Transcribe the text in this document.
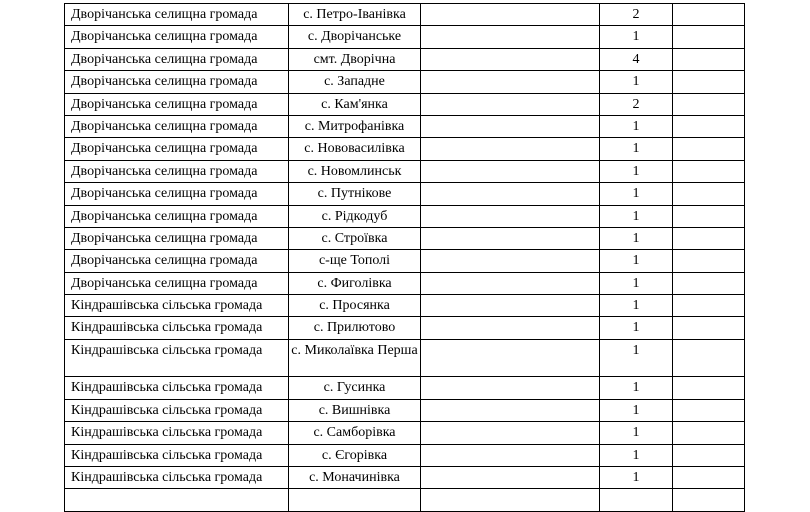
Дворічанська селищна громада	с. Петро-Іванівка		2	

Дворічанська селищна громада	с. Дворічанське		1	

Дворічанська селищна громада	смт. Дворічна		4	

Дворічанська селищна громада	с. Западне		1	

Дворічанська селищна громада	с. Кам'янка		2	

Дворічанська селищна громада	с. Митрофанівка		1	

Дворічанська селищна громада	с. Нововасилівка		1	

Дворічанська селищна громада	с. Новомлинськ		1	

Дворічанська селищна громада	с. Путнікове		1	

Дворічанська селищна громада	с. Рідкодуб		1	

Дворічанська селищна громада	с. Строївка		1	

Дворічанська селищна громада	с-ще Тополі		1	

Дворічанська селищна громада	с. Фиголівка		1	

Кіндрашівська сільська громада	с. Просянка		1	

Кіндрашівська сільська громада	с. Прилютово		1	

Кіндрашівська сільська громада	с. Миколаївка Перша		1	

Кіндрашівська сільська громада	с. Гусинка		1	

Кіндрашівська сільська громада	с. Вишнівка		1	

Кіндрашівська сільська громада	с. Самборівка		1	

Кіндрашівська сільська громада	с. Єгорівка		1	

Кіндрашівська сільська громада	с. Моначинівка		1	
